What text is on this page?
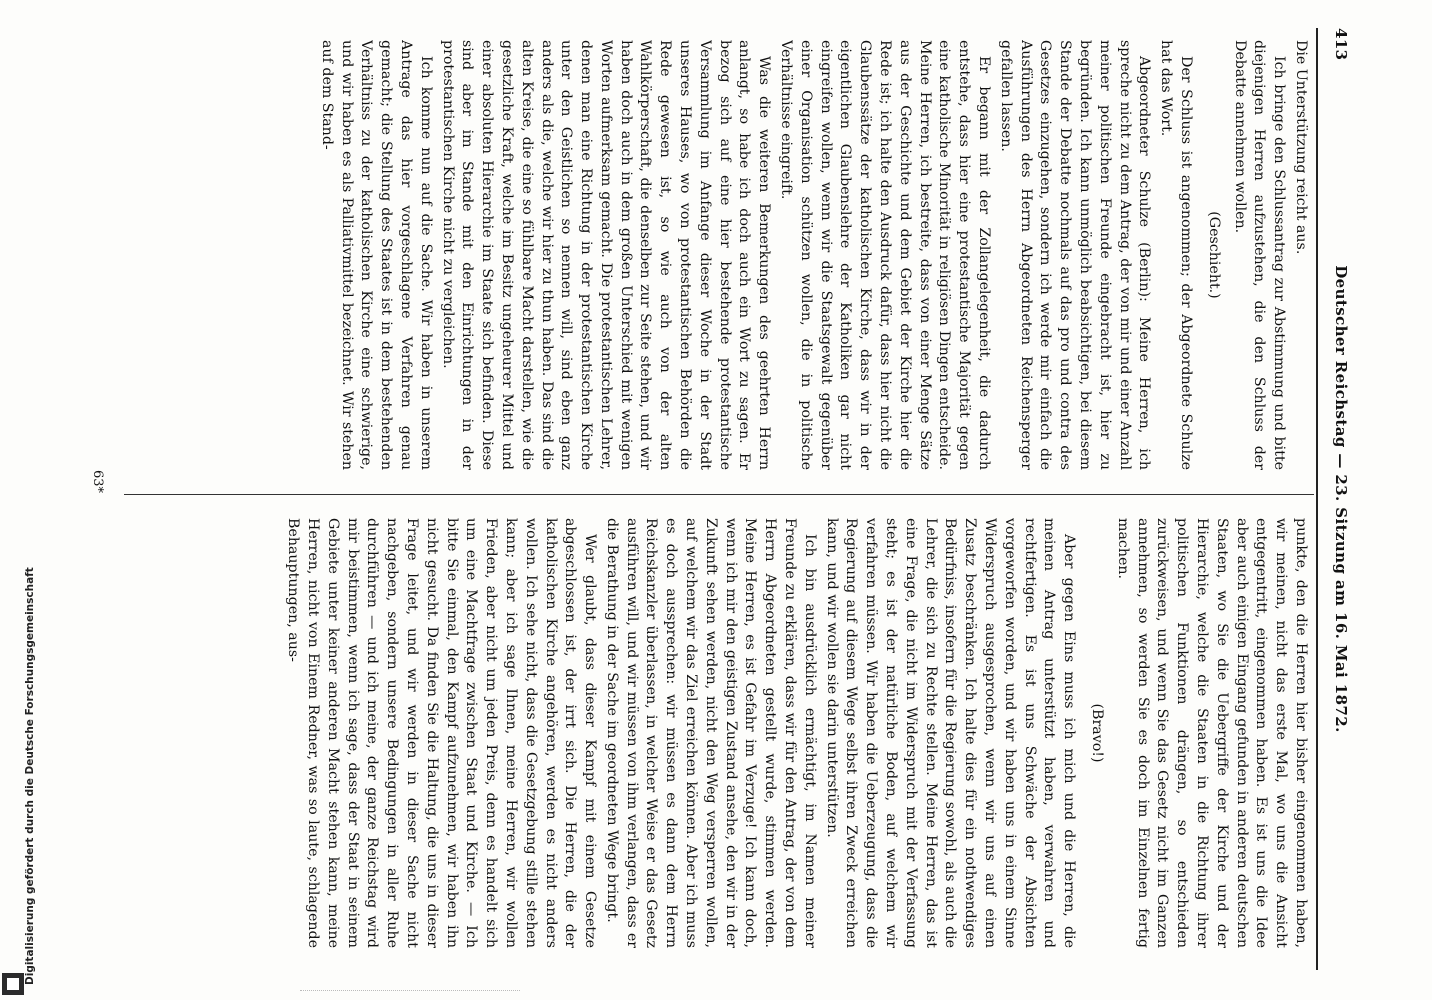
413
Deutscher Reichstag — 23. Sitzung am 16. Mai 1872.

Die Unterstützung reicht aus.

Ich bringe den Schlussantrag zur Abstimmung und bitte diejenigen Herren aufzustehen, die den Schluss der Debatte annehmen wollen.

(Geschieht.)

Der Schluss ist angenommen; der Abgeordnete Schulze hat das Wort.

Abgeordneter Schulze (Berlin): Meine Herren, ich spreche nicht zu dem Antrag, der von mir und einer Anzahl meiner politischen Freunde eingebracht ist, hier zu begründen. Ich kann unmöglich beabsichtigen, bei diesem Stande der Debatte nochmals auf das pro und contra des Gesetzes einzugehen, sondern ich werde mir einfach die Ausführungen des Herrn Abgeordneten Reichensperger gefallen lassen.

Er begann mit der Zollangelegenheit, die dadurch entstehe, dass hier eine protestantische Majorität gegen eine katholische Minorität in religiösen Dingen entscheide. Meine Herren, ich bestreite, dass von einer Menge Sätze aus der Geschichte und dem Gebiet der Kirche hier die Rede ist; ich halte den Ausdruck dafür, dass hier nicht die Glaubenssätze der katholischen Kirche, dass wir in der eigentlichen Glaubenslehre der Katholiken gar nicht eingreifen wollen, wenn wir die Staatsgewalt gegenüber einer Organisation schützen wollen, die in politische Verhältnisse eingreift.

Was die weiteren Bemerkungen des geehrten Herrn anlangt, so habe ich doch auch ein Wort zu sagen. Er bezog sich auf eine hier bestehende protestantische Versammlung im Anfange dieser Woche in der Stadt unseres Hauses, wo von protestantischen Behörden die Rede gewesen ist, so wie auch von der alten Wahlkörperschaft, die denselben zur Seite stehen, und wir haben doch auch in dem großen Unterschied mit wenigen Worten aufmerksam gemacht. Die protestantischen Lehrer, denen man eine Richtung in der protestantischen Kirche unter den Geistlichen so nennen will, sind eben ganz anders als die, welche wir hier zu thun haben. Das sind die alten Kreise, die eine so fühlbare Macht darstellen, wie die gesetzliche Kraft, welche im Besitz ungeheurer Mittel und einer absoluten Hierarchie im Staate sich befinden. Diese sind aber im Stande mit den Einrichtungen in der protestantischen Kirche nicht zu vergleichen.

Ich komme nun auf die Sache. Wir haben in unserem Antrage das hier vorgeschlagene Verfahren genau gemacht; die Stellung des Staates ist in dem bestehenden Verhältniss zu der katholischen Kirche eine schwierige, und wir haben es als Palliativmittel bezeichnet. Wir stehen auf dem Stand-

punkte, den die Herren hier bisher eingenommen haben, wir meinen, nicht das erste Mal, wo uns die Ansicht entgegentritt, eingenommen haben. Es ist uns die Idee aber auch einigen Eingang gefunden in anderen deutschen Staaten, wo Sie die Uebergriffe der Kirche und der Hierarchie, welche die Staaten in die Richtung ihrer politischen Funktionen drängen, so entschieden zurückweisen, und wenn Sie das Gesetz nicht im Ganzen annehmen, so werden Sie es doch im Einzelnen fertig machen.

(Bravo!)

Aber gegen Eins muss ich mich und die Herren, die meinen Antrag unterstützt haben, verwahren und rechtfertigen. Es ist uns Schwäche der Absichten vorgeworfen worden, und wir haben uns in einem Sinne Widerspruch ausgesprochen, wenn wir uns auf einen Zusatz beschränken. Ich halte dies für ein nothwendiges Bedürfniss, insofern für die Regierung sowohl, als auch die Lehrer, die sich zu Rechte stellen. Meine Herren, das ist eine Frage, die nicht im Widerspruch mit der Verfassung steht; es ist der natürliche Boden, auf welchem wir verfahren müssen. Wir haben die Ueberzeugung, dass die Regierung auf diesem Wege selbst ihren Zweck erreichen kann, und wir wollen sie darin unterstützen.

Ich bin ausdrücklich ermächtigt, im Namen meiner Freunde zu erklären, dass wir für den Antrag, der von dem Herrn Abgeordneten gestellt wurde, stimmen werden. Meine Herren, es ist Gefahr im Verzuge! Ich kann doch, wenn ich mir den geistigen Zustand ansehe, den wir in der Zukunft sehen werden, nicht den Weg versperren wollen, auf welchem wir das Ziel erreichen können. Aber ich muss es doch aussprechen: wir müssen es dann dem Herrn Reichskanzler überlassen, in welcher Weise er das Gesetz ausführen will, und wir müssen von ihm verlangen, dass er die Berathung in der Sache im geordneten Wege bringt.

Wer glaubt, dass dieser Kampf mit einem Gesetze abgeschlossen ist, der irrt sich. Die Herren, die der katholischen Kirche angehören, werden es nicht anders wollen. Ich sehe nicht, dass die Gesetzgebung stille stehen kann; aber ich sage Ihnen, meine Herren, wir wollen Frieden, aber nicht um jeden Preis, denn es handelt sich um eine Machtfrage zwischen Staat und Kirche. — Ich bitte Sie einmal, den Kampf aufzunehmen, wir haben ihn nicht gesucht. Da finden Sie die Haltung, die uns in dieser Frage leitet, und wir werden in dieser Sache nicht nachgeben, sondern unsere Bedingungen in aller Ruhe durchführen — und ich meine, der ganze Reichstag wird mir beistimmen, wenn ich sage, dass der Staat in seinem Gebiete unter keiner anderen Macht stehen kann, meine Herren, nicht von Einem Redner, was so laute, schlagende Behauptungen, aus-

63*
Digitalisierung gefördert durch die Deutsche Forschungsgemeinschaft
